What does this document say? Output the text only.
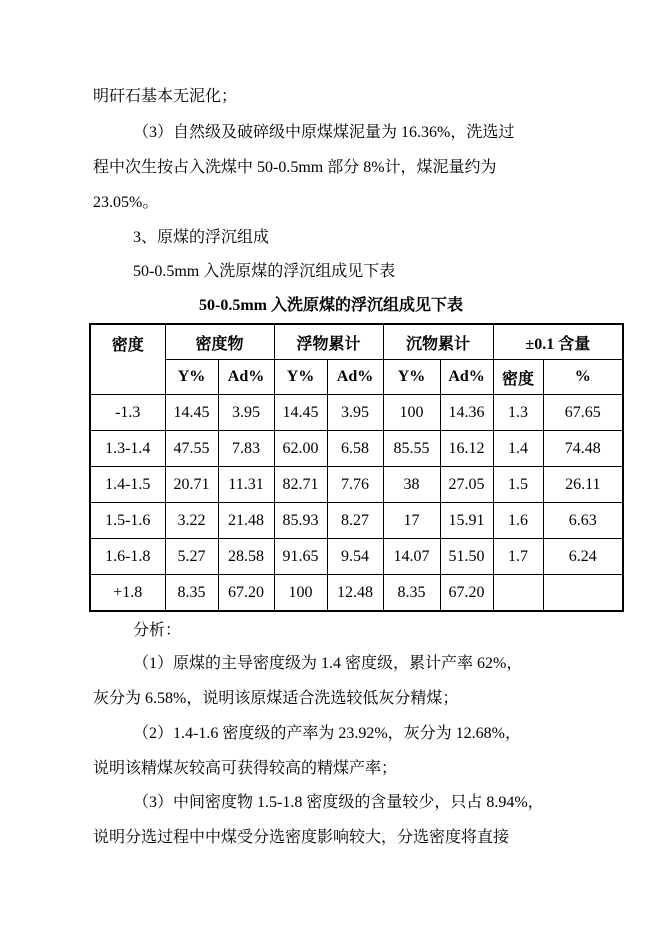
明矸石基本无泥化；
（3）自然级及破碎级中原煤煤泥量为 16.36%，洗选过
程中次生按占入洗煤中 50-0.5mm 部分 8%计，煤泥量约为
23.05%。
3、原煤的浮沉组成
50-0.5mm 入洗原煤的浮沉组成见下表
50-0.5mm 入洗原煤的浮沉组成见下表
密度	密度物		浮物累计		沉物累计		±0.1 含量	
	Y%	Ad%	Y%	Ad%	Y%	Ad%	密度	%
-1.3	14.45	3.95	14.45	3.95	100	14.36	1.3	67.65
1.3-1.4	47.55	7.83	62.00	6.58	85.55	16.12	1.4	74.48
1.4-1.5	20.71	11.31	82.71	7.76	38	27.05	1.5	26.11
1.5-1.6	3.22	21.48	85.93	8.27	17	15.91	1.6	6.63
1.6-1.8	5.27	28.58	91.65	9.54	14.07	51.50	1.7	6.24
+1.8	8.35	67.20	100	12.48	8.35	67.20		
分析：
（1）原煤的主导密度级为 1.4 密度级，累计产率 62%，
灰分为 6.58%，说明该原煤适合洗选较低灰分精煤；
（2）1.4-1.6 密度级的产率为 23.92%，灰分为 12.68%，
说明该精煤灰较高可获得较高的精煤产率；
（3）中间密度物 1.5-1.8 密度级的含量较少，只占 8.94%，
说明分选过程中中煤受分选密度影响较大，分选密度将直接
